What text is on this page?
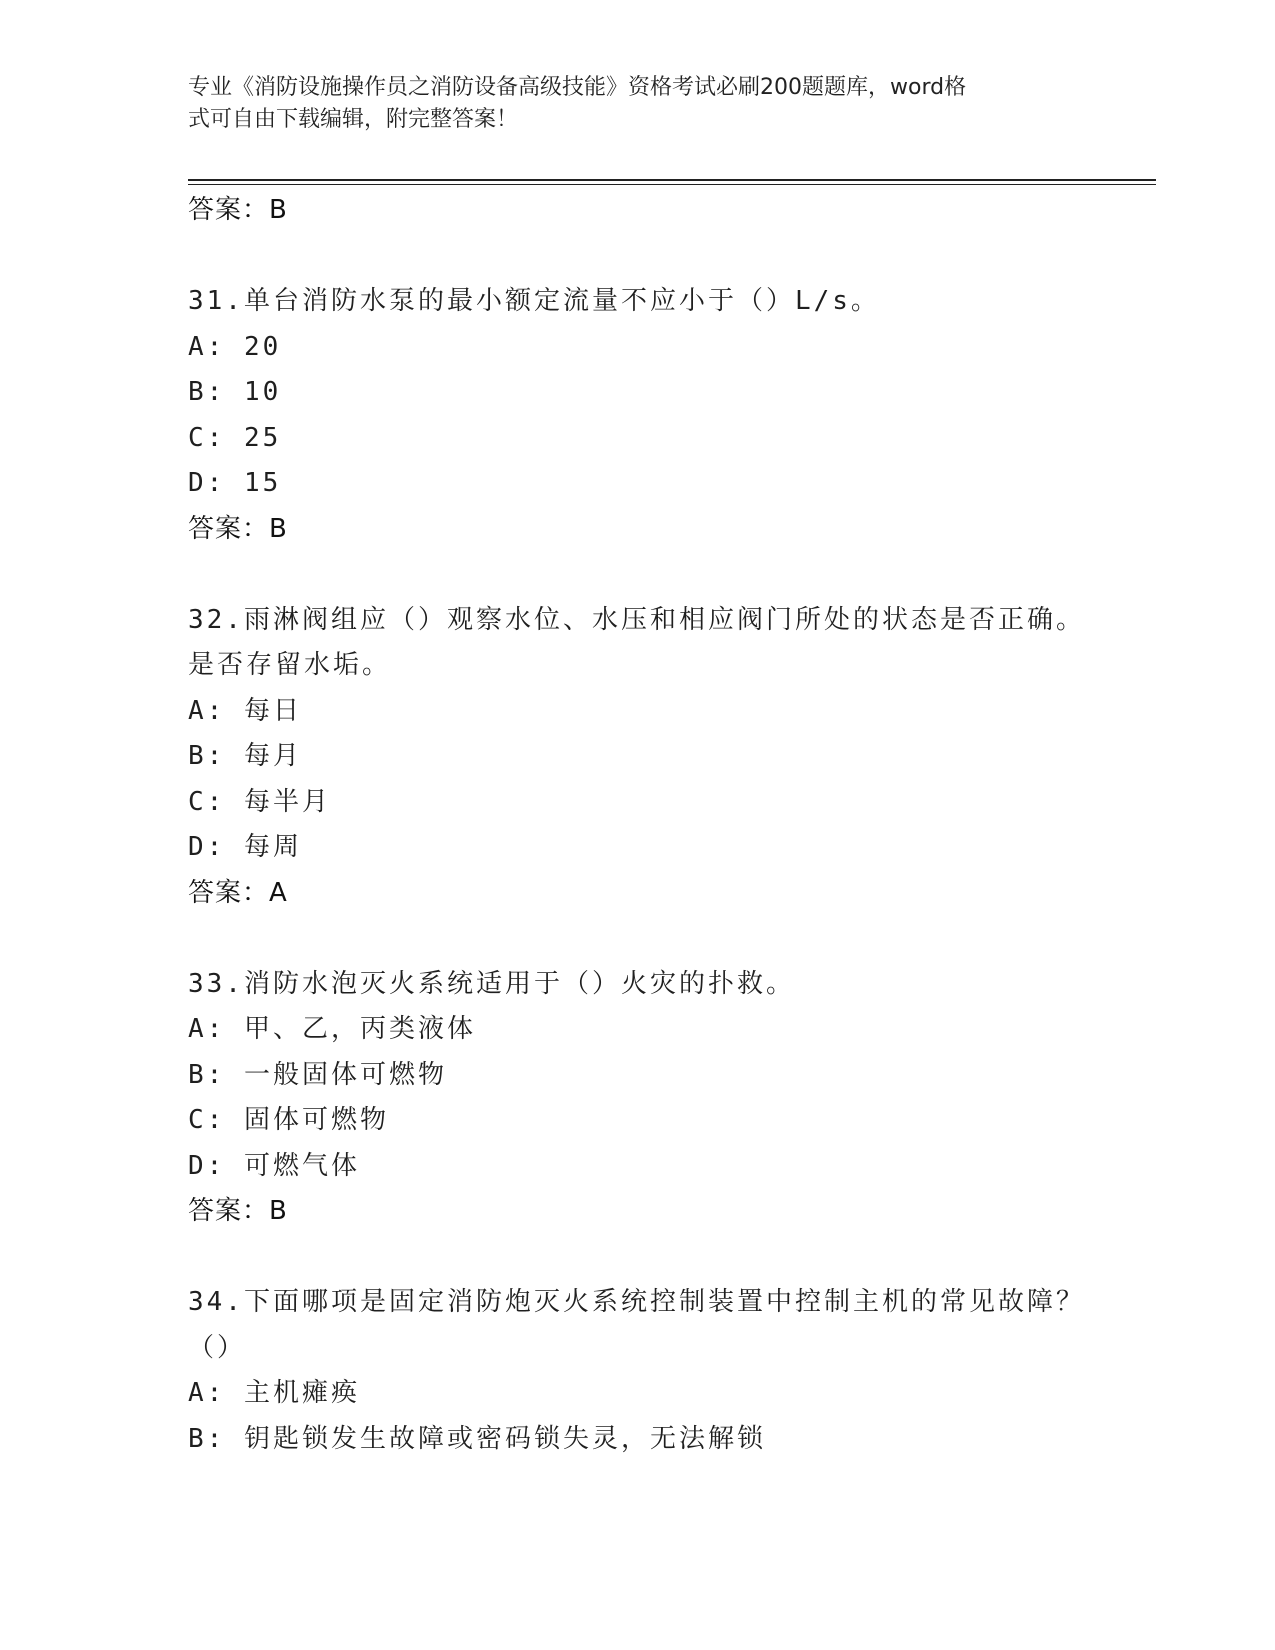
专业《消防设施操作员之消防设备高级技能》资格考试必刷200题题库，word格
式可自由下载编辑，附完整答案！
答案：B
31.单台消防水泵的最小额定流量不应小于（）L/s。
A: 20
B: 10
C: 25
D: 15
答案：B
32.雨淋阀组应（）观察水位、水压和相应阀门所处的状态是否正确。
是否存留水垢。
A: 每日
B: 每月
C: 每半月
D: 每周
答案：A
33.消防水泡灭火系统适用于（）火灾的扑救。
A: 甲、乙，丙类液体
B: 一般固体可燃物
C: 固体可燃物
D: 可燃气体
答案：B
34.下面哪项是固定消防炮灭火系统控制装置中控制主机的常见故障？
（）
A: 主机瘫痪
B: 钥匙锁发生故障或密码锁失灵，无法解锁
